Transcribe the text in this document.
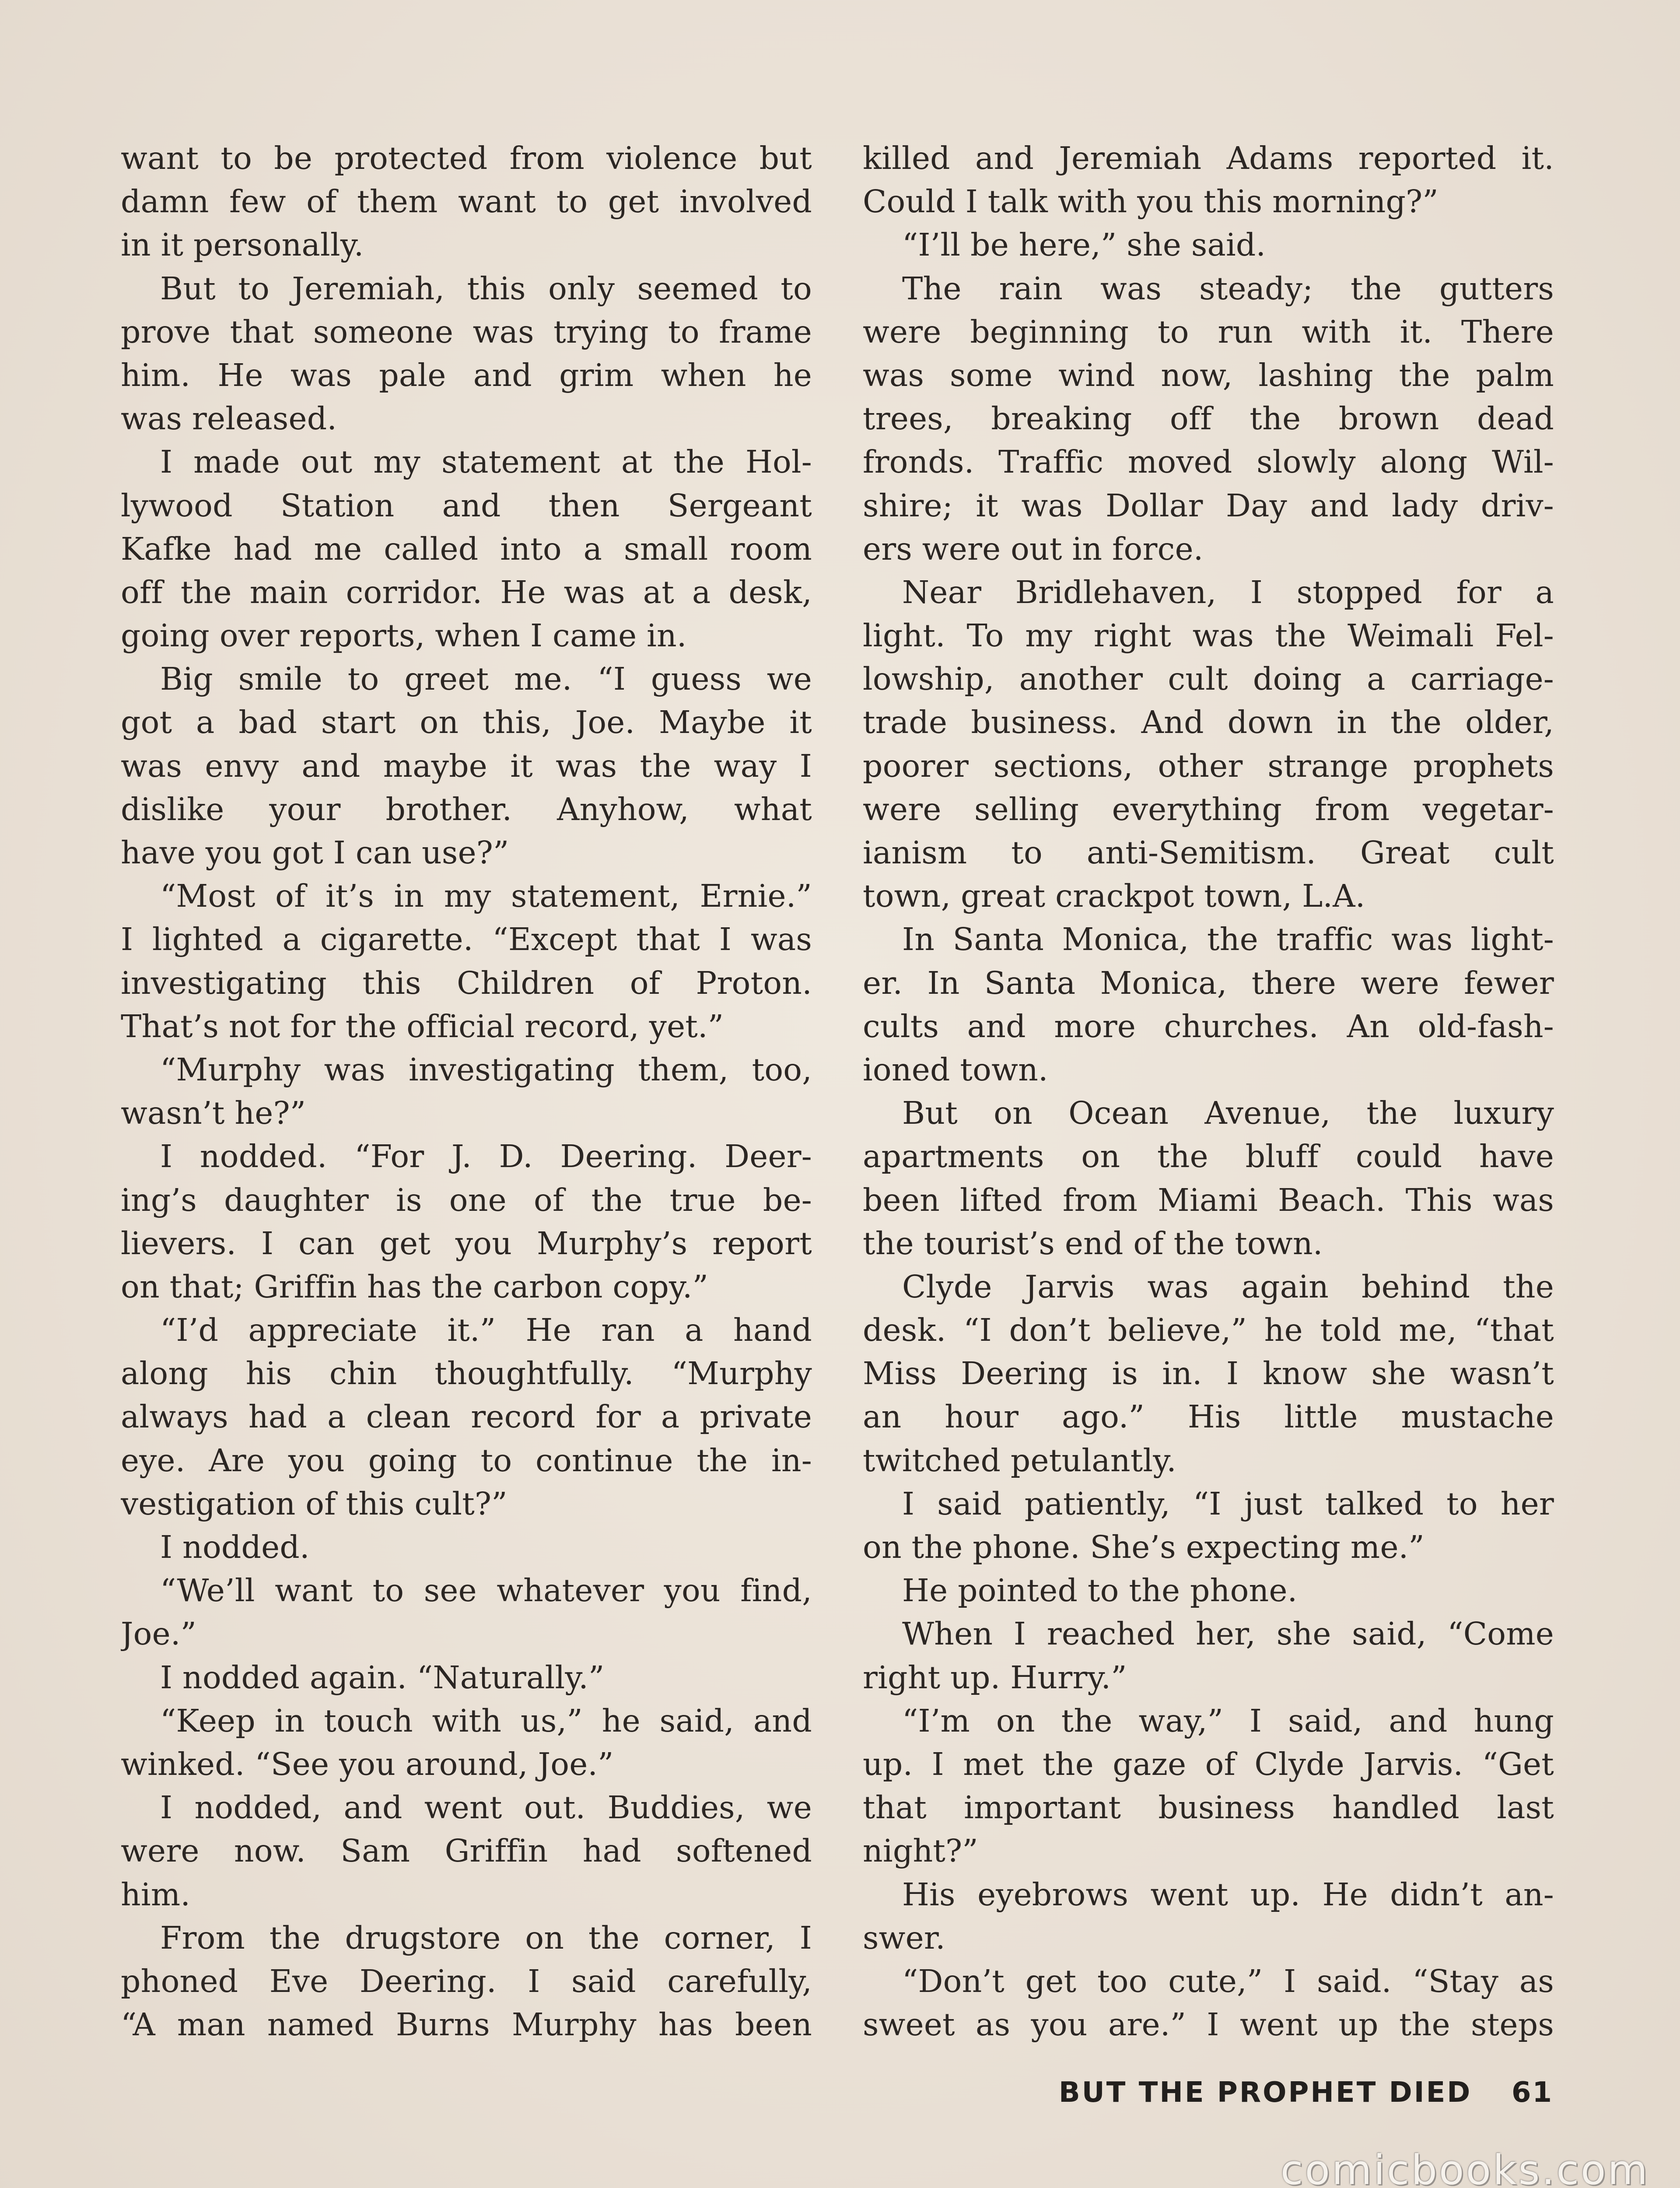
want to be protected from violence but
damn few of them want to get involved
in it personally.
But to Jeremiah, this only seemed to
prove that someone was trying to frame
him. He was pale and grim when he
was released.
I made out my statement at the Hol-
lywood Station and then Sergeant
Kafke had me called into a small room
off the main corridor. He was at a desk,
going over reports, when I came in.
Big smile to greet me. “I guess we
got a bad start on this, Joe. Maybe it
was envy and maybe it was the way I
dislike your brother. Anyhow, what
have you got I can use?”
“Most of it’s in my statement, Ernie.”
I lighted a cigarette. “Except that I was
investigating this Children of Proton.
That’s not for the official record, yet.”
“Murphy was investigating them, too,
wasn’t he?”
I nodded. “For J. D. Deering. Deer-
ing’s daughter is one of the true be-
lievers. I can get you Murphy’s report
on that; Griffin has the carbon copy.”
“I’d appreciate it.” He ran a hand
along his chin thoughtfully. “Murphy
always had a clean record for a private
eye. Are you going to continue the in-
vestigation of this cult?”
I nodded.
“We’ll want to see whatever you find,
Joe.”
I nodded again. “Naturally.”
“Keep in touch with us,” he said, and
winked. “See you around, Joe.”
I nodded, and went out. Buddies, we
were now. Sam Griffin had softened
him.
From the drugstore on the corner, I
phoned Eve Deering. I said carefully,
“A man named Burns Murphy has been
killed and Jeremiah Adams reported it.
Could I talk with you this morning?”
“I’ll be here,” she said.
The rain was steady; the gutters
were beginning to run with it. There
was some wind now, lashing the palm
trees, breaking off the brown dead
fronds. Traffic moved slowly along Wil-
shire; it was Dollar Day and lady driv-
ers were out in force.
Near Bridlehaven, I stopped for a
light. To my right was the Weimali Fel-
lowship, another cult doing a carriage-
trade business. And down in the older,
poorer sections, other strange prophets
were selling everything from vegetar-
ianism to anti-Semitism. Great cult
town, great crackpot town, L.A.
In Santa Monica, the traffic was light-
er. In Santa Monica, there were fewer
cults and more churches. An old-fash-
ioned town.
But on Ocean Avenue, the luxury
apartments on the bluff could have
been lifted from Miami Beach. This was
the tourist’s end of the town.
Clyde Jarvis was again behind the
desk. “I don’t believe,” he told me, “that
Miss Deering is in. I know she wasn’t
an hour ago.” His little mustache
twitched petulantly.
I said patiently, “I just talked to her
on the phone. She’s expecting me.”
He pointed to the phone.
When I reached her, she said, “Come
right up. Hurry.”
“I’m on the way,” I said, and hung
up. I met the gaze of Clyde Jarvis. “Get
that important business handled last
night?”
His eyebrows went up. He didn’t an-
swer.
“Don’t get too cute,” I said. “Stay as
sweet as you are.” I went up the steps
BUT THE PROPHET DIED 61
comicbooks.com
